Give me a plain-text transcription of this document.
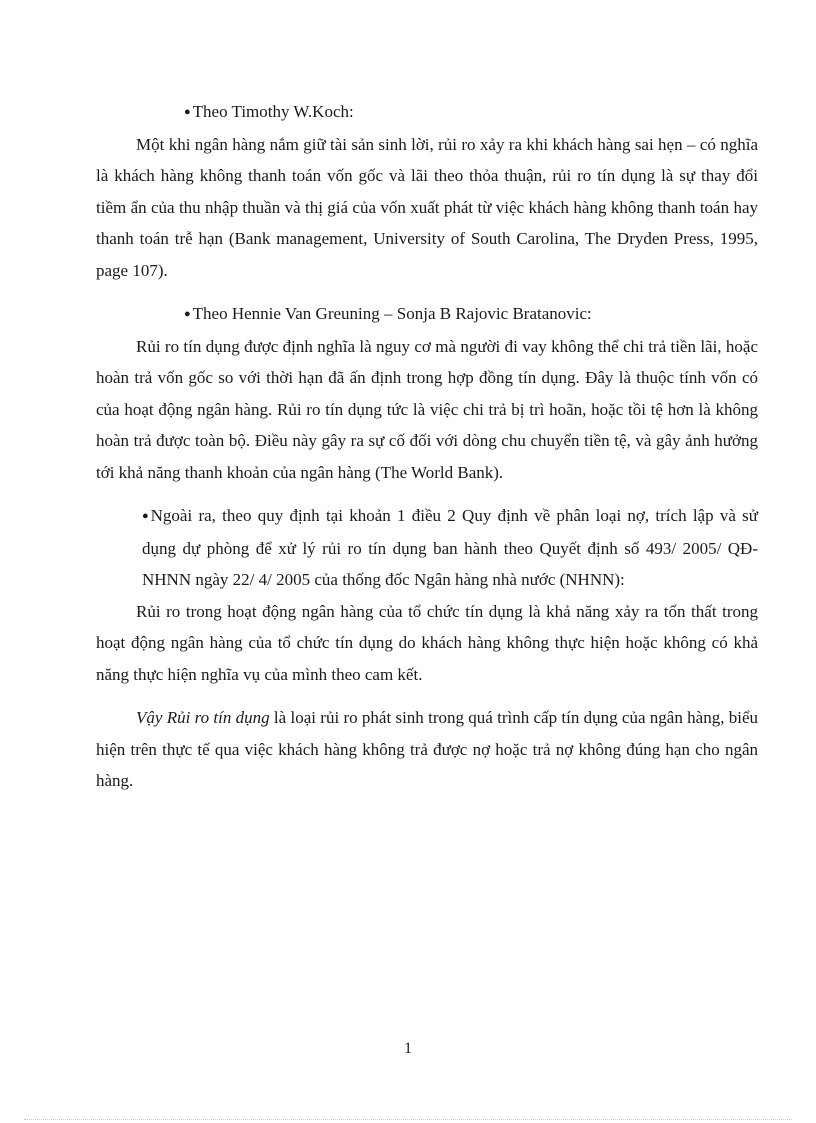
● Theo Timothy W.Koch:

Một khi ngân hàng nắm giữ tài sản sinh lời, rủi ro xảy ra khi khách hàng sai hẹn – có nghĩa là khách hàng không thanh toán vốn gốc và lãi theo thỏa thuận, rủi ro tín dụng là sự thay đổi tiềm ẩn của thu nhập thuần và thị giá của vốn xuất phát từ việc khách hàng không thanh toán hay thanh toán trễ hạn (Bank management, University of South Carolina, The Dryden Press, 1995, page 107).

● Theo Hennie Van Greuning – Sonja B Rajovic Bratanovic:

Rủi ro tín dụng được định nghĩa là nguy cơ mà người đi vay không thể chi trả tiền lãi, hoặc hoàn trả vốn gốc so với thời hạn đã ấn định trong hợp đồng tín dụng. Đây là thuộc tính vốn có của hoạt động ngân hàng. Rủi ro tín dụng tức là việc chi trả bị trì hoãn, hoặc tồi tệ hơn là không hoàn trả được toàn bộ. Điều này gây ra sự cố đối với dòng chu chuyển tiền tệ, và gây ảnh hưởng tới khả năng thanh khoản của ngân hàng (The World Bank).

● Ngoài ra, theo quy định tại khoản 1 điều 2 Quy định về phân loại nợ, trích lập và sử dụng dự phòng để xử lý rủi ro tín dụng ban hành theo Quyết định số 493/ 2005/ QĐ-NHNN ngày 22/ 4/ 2005 của thống đốc Ngân hàng nhà nước (NHNN):

Rủi ro trong hoạt động ngân hàng của tổ chức tín dụng là khả năng xảy ra tổn thất trong hoạt động ngân hàng của tổ chức tín dụng do khách hàng không thực hiện hoặc không có khả năng thực hiện nghĩa vụ của mình theo cam kết.

Vậy Rủi ro tín dụng là loại rủi ro phát sinh trong quá trình cấp tín dụng của ngân hàng, biểu hiện trên thực tế qua việc khách hàng không trả được nợ hoặc trả nợ không đúng hạn cho ngân hàng.

1
